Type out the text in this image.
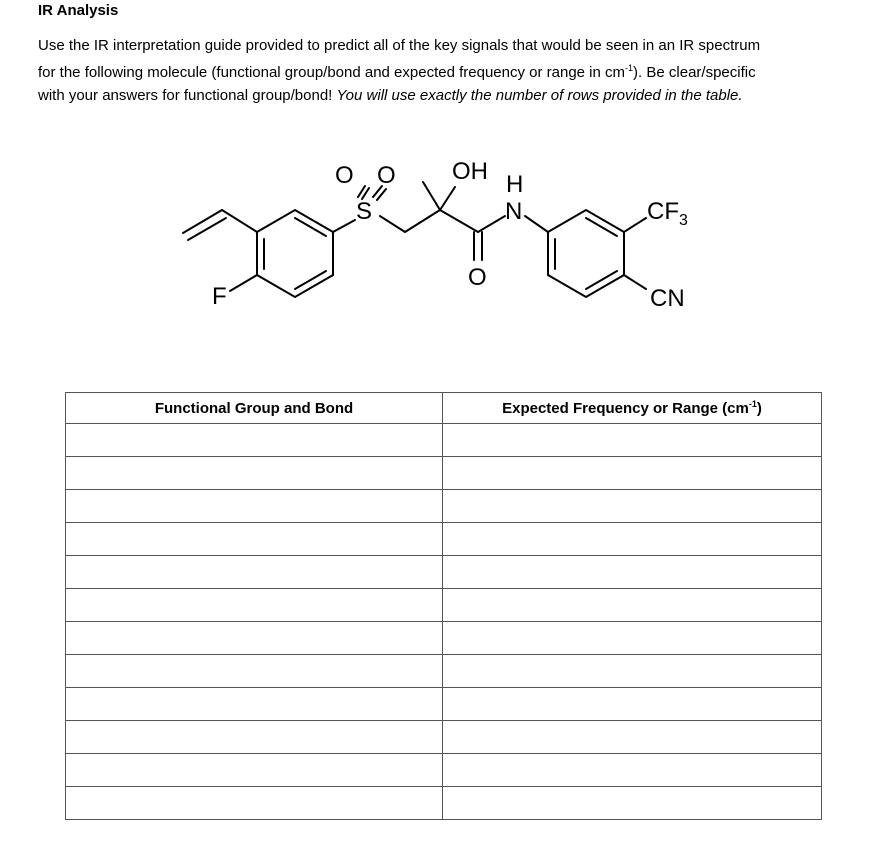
IR Analysis
Use the IR interpretation guide provided to predict all of the key signals that would be seen in an IR spectrum
for the following molecule (functional group/bond and expected frequency or range in $cm^{-1}$). Be clear/specific
with your answers for functional group/bond! You will use exactly the number of rows provided in the table.
O O
S
OH H
N
O
F
$CF_3$
CN
Functional Group and Bond	Expected Frequency or Range $(cm^{-1})$
